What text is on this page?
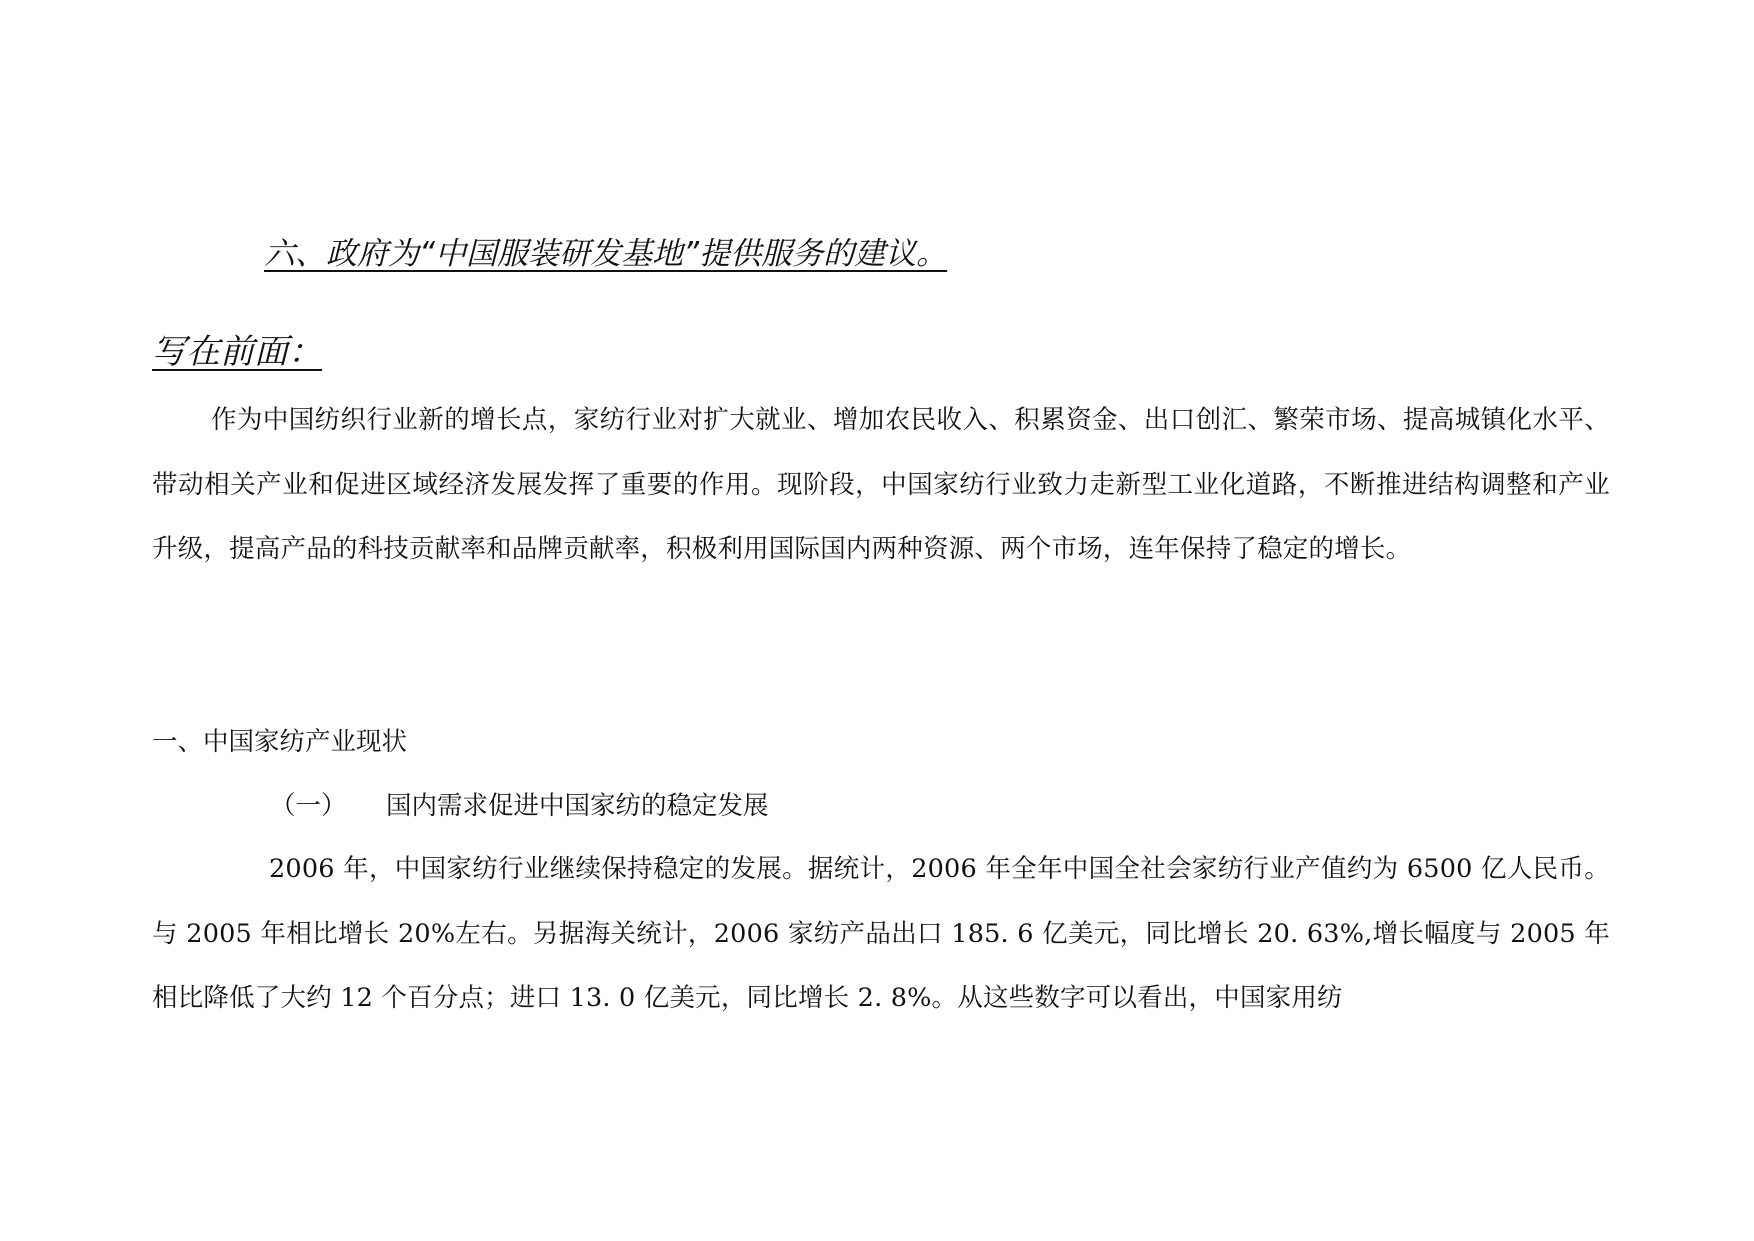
六、政府为“中国服装研发基地”提供服务的建议。
写在前面：
作为中国纺织行业新的增长点，家纺行业对扩大就业、增加农民收入、积累资金、出口创汇、繁荣市场、提高城镇化水平、带动相关产业和促进区域经济发展发挥了重要的作用。现阶段，中国家纺行业致力走新型工业化道路，不断推进结构调整和产业升级，提高产品的科技贡献率和品牌贡献率，积极利用国际国内两种资源、两个市场，连年保持了稳定的增长。
一、中国家纺产业现状
（一） 国内需求促进中国家纺的稳定发展
2006 年，中国家纺行业继续保持稳定的发展。据统计，2006 年全年中国全社会家纺行业产值约为 6500 亿人民币。与 2005 年相比增长 20%左右。另据海关统计，2006 家纺产品出口 185. 6 亿美元，同比增长 20. 63%,增长幅度与 2005 年相比降低了大约 12 个百分点；进口 13. 0 亿美元，同比增长 2. 8%。从这些数字可以看出，中国家用纺
